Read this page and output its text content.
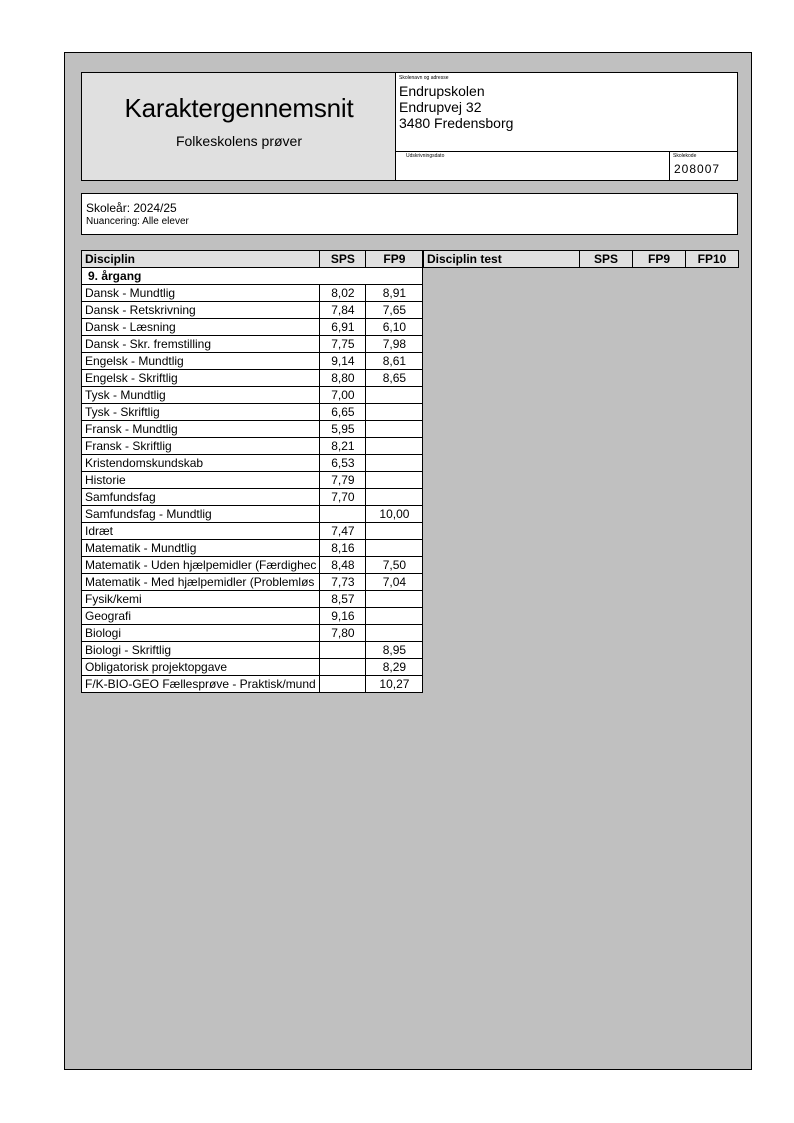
Karaktergennemsnit
Folkeskolens prøver
Skolenavn og adresse
Endrupskolen
Endrupvej 32
3480 Fredensborg
Udskrivningsdato	Skolekode
208007
Skoleår: 2024/25
Nuancering: Alle elever
Disciplin	SPS	FP9
9. årgang		
Dansk - Mundtlig	8,02	8,91
Dansk - Retskrivning	7,84	7,65
Dansk - Læsning	6,91	6,10
Dansk - Skr. fremstilling	7,75	7,98
Engelsk - Mundtlig	9,14	8,61
Engelsk - Skriftlig	8,80	8,65
Tysk - Mundtlig	7,00	
Tysk - Skriftlig	6,65	
Fransk - Mundtlig	5,95	
Fransk - Skriftlig	8,21	
Kristendomskundskab	6,53	
Historie	7,79	
Samfundsfag	7,70	
Samfundsfag - Mundtlig		10,00
Idræt	7,47	
Matematik - Mundtlig	8,16	
Matematik - Uden hjælpemidler (Færdighec	8,48	7,50
Matematik - Med hjælpemidler (Problemløs	7,73	7,04
Fysik/kemi	8,57	
Geografi	9,16	
Biologi	7,80	
Biologi - Skriftlig		8,95
Obligatorisk projektopgave		8,29
F/K-BIO-GEO Fællesprøve - Praktisk/mund		10,27
Disciplin test	SPS	FP9	FP10
